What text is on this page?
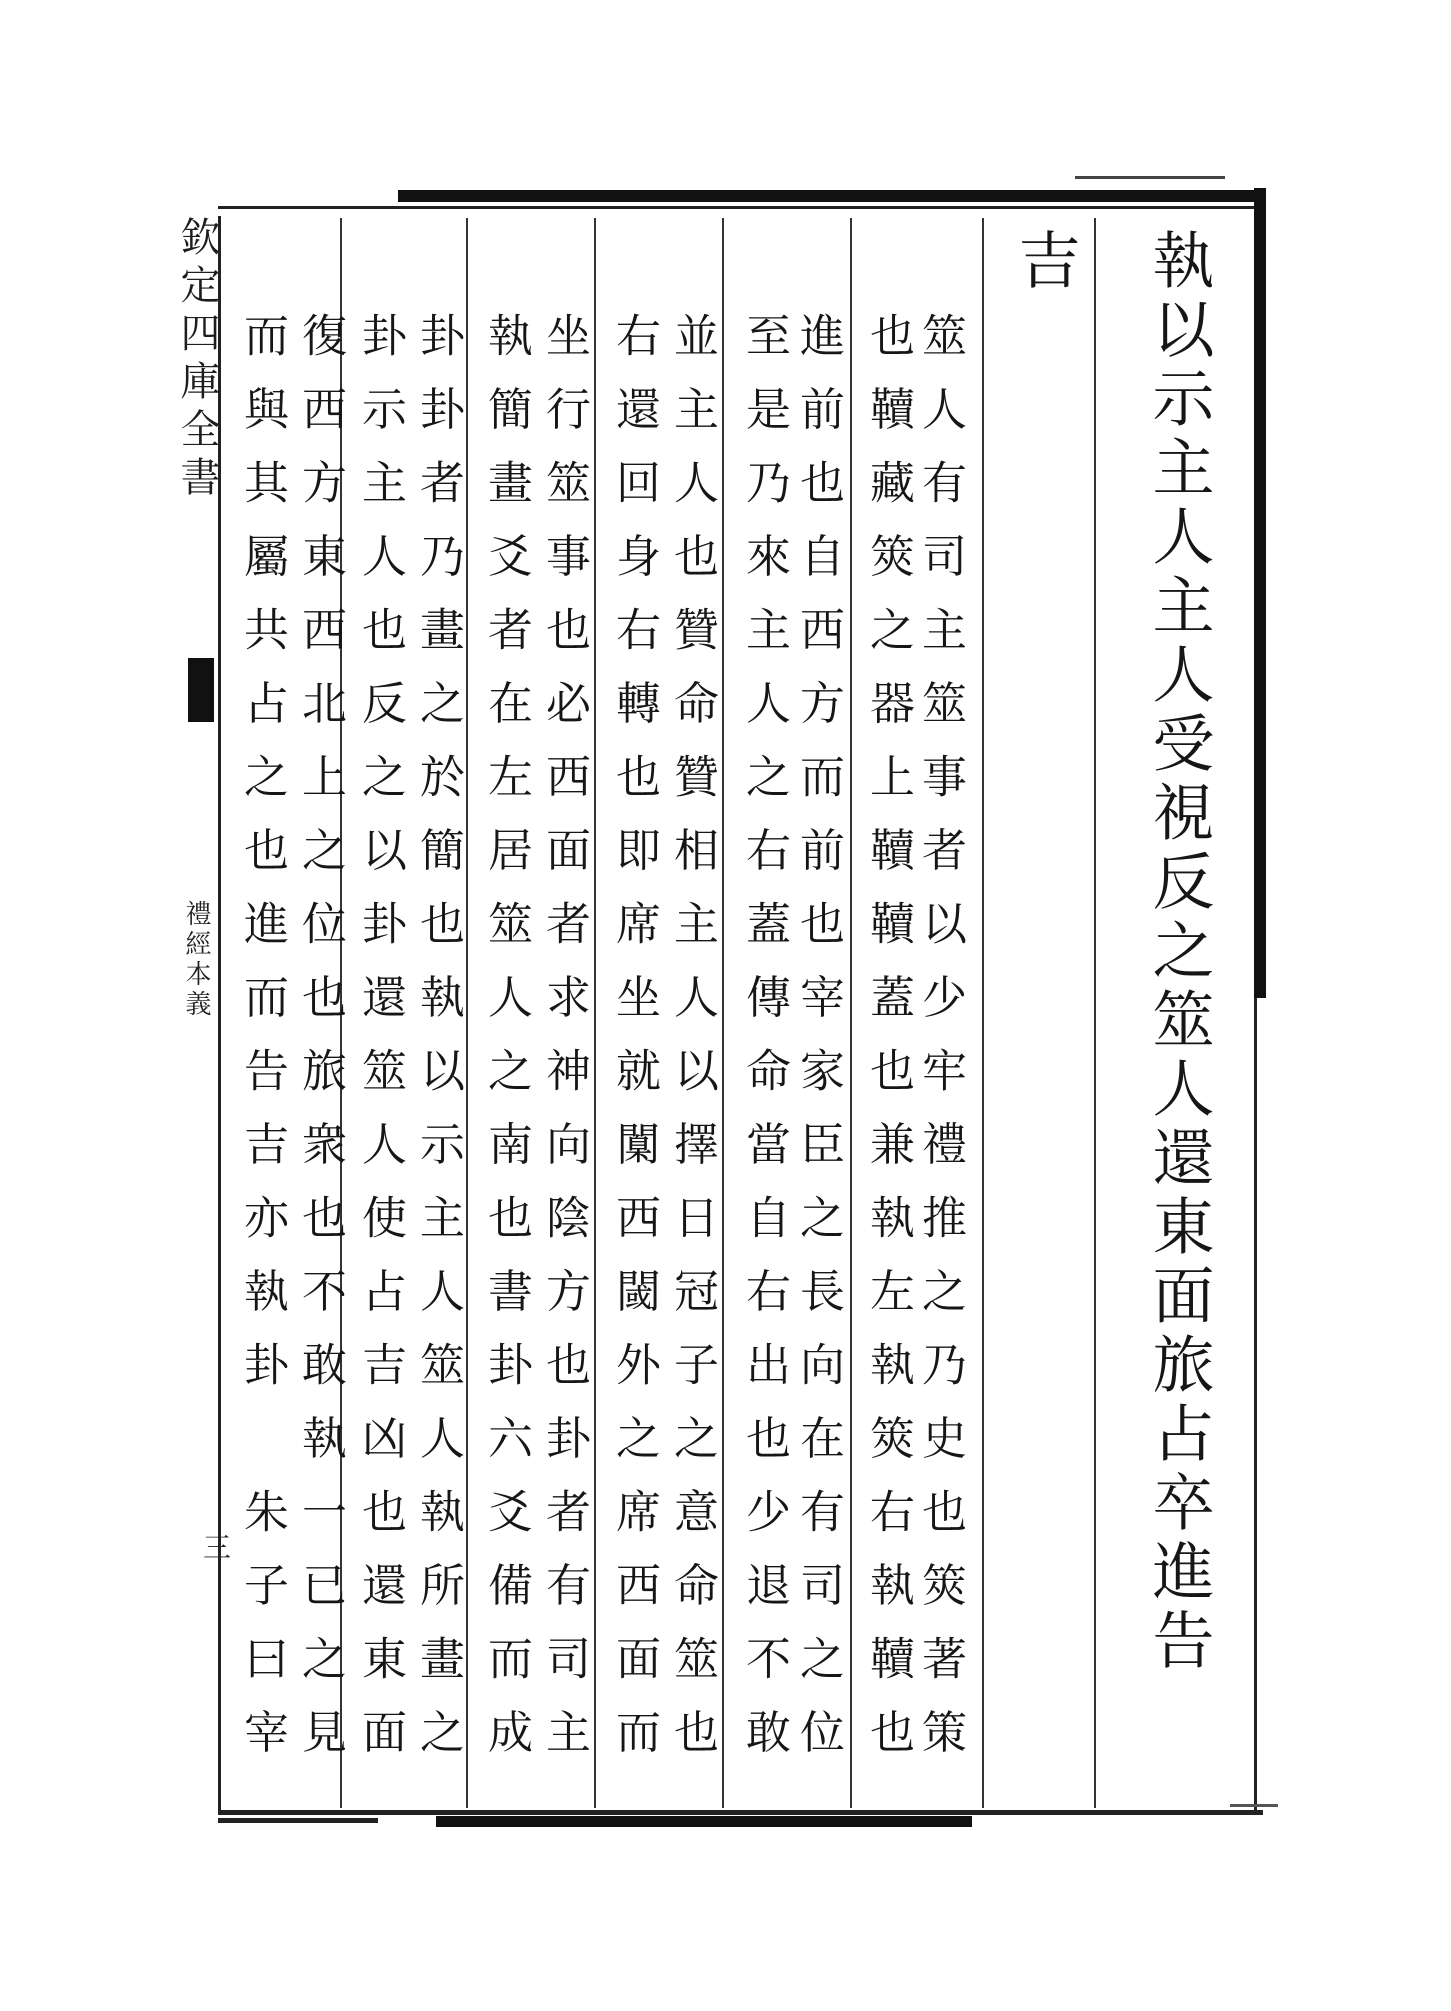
欽定四庫全書
禮經本義
三	執以示主人主人受視反之筮人還東面旅占卒進告
吉
筮人有司主筮事者以少牢禮推之乃史也筴著策
也韇藏筴之器上韇韇蓋也兼執左執筴右執韇也
進前也自西方而前也宰家臣之長向在有司之位
至是乃來主人之右蓋傳命當自右出也少退不敢
並主人也贊命贊相主人以擇日冠子之意命筮也
右還回身右轉也即席坐就闑西閾外之席西面而
坐行筮事也必西面者求神向陰方也卦者有司主
執簡畫爻者在左居筮人之南也書卦六爻備而成
卦卦者乃畫之於簡也執以示主人筮人執所畫之
卦示主人也反之以卦還筮人使占吉凶也還東面
復西方東西北上之位也旅衆也不敢執一已之見
而與其屬共占之也進而告吉亦執卦　朱子曰宰
